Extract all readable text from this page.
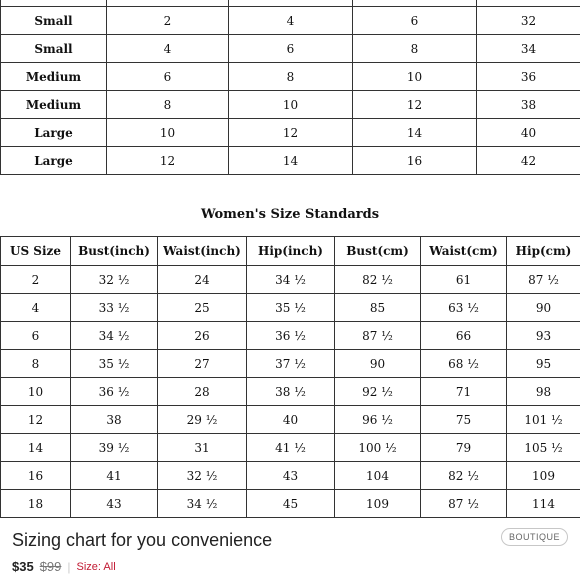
Small	2	4	6	32
Small	4	6	8	34
Medium	6	8	10	36
Medium	8	10	12	38
Large	10	12	14	40
Large	12	14	16	42
Women's Size Standards
US Size	Bust(inch)	Waist(inch)	Hip(inch)	Bust(cm)	Waist(cm)	Hip(cm)
2	32 ½	24	34 ½	82 ½	61	87 ½
4	33 ½	25	35 ½	85	63 ½	90
6	34 ½	26	36 ½	87 ½	66	93
8	35 ½	27	37 ½	90	68 ½	95
10	36 ½	28	38 ½	92 ½	71	98
12	38	29 ½	40	96 ½	75	101 ½
14	39 ½	31	41 ½	100 ½	79	105 ½
16	41	32 ½	43	104	82 ½	109
18	43	34 ½	45	109	87 ½	114
Sizing chart for you convenience	BOUTIQUE
$35 $99 | Size: All
